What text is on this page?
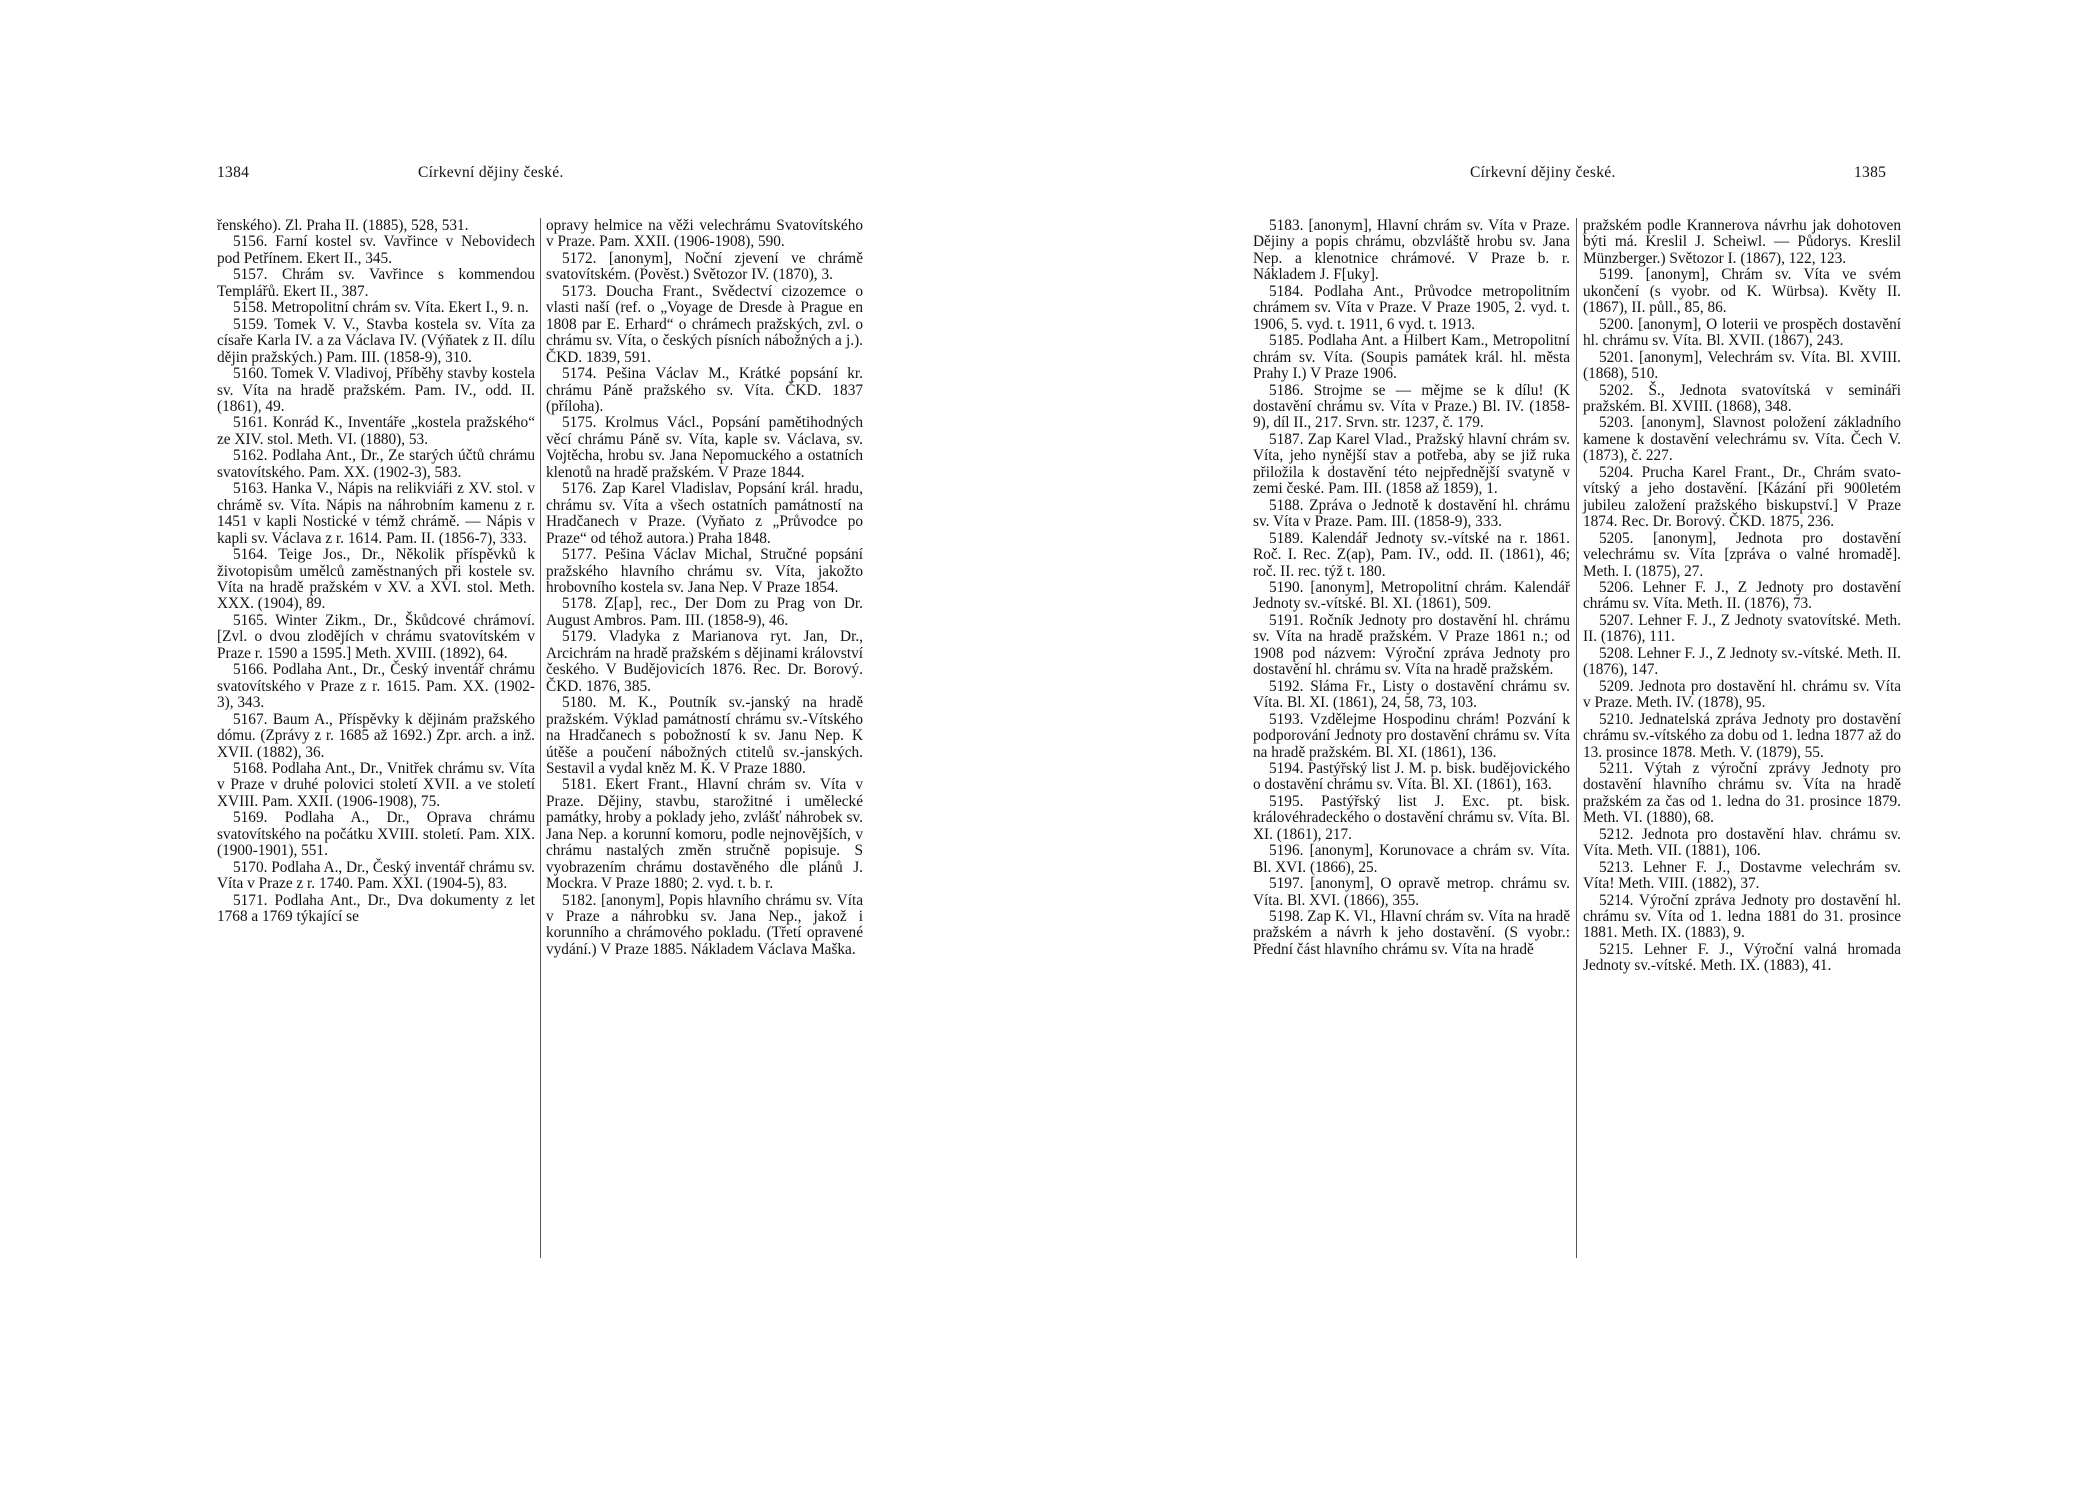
1384	Církevní dějiny české.

řenského). Zl. Praha II. (1885), 528, 531.

5156. Farní kostel sv. Vavřince v Nebovidech pod Petřínem. Ekert II., 345.

5157. Chrám sv. Vavřince s kommendou Templářů. Ekert II., 387.

5158. Metropolitní chrám sv. Víta. Ekert I., 9. n.

5159. Tomek V. V., Stavba kostela sv. Víta za císaře Karla IV. a za Václava IV. (Výňatek z II. dílu dějin pražských.) Pam. III. (1858-9), 310.

5160. Tomek V. Vladivoj, Příběhy stavby kostela sv. Víta na hradě pražském. Pam. IV., odd. II. (1861), 49.

5161. Konrád K., Inventáře „kostela pražského“ ze XIV. stol. Meth. VI. (1880), 53.

5162. Podlaha Ant., Dr., Ze starých účtů chrámu svatovítského. Pam. XX. (1902-3), 583.

5163. Hanka V., Nápis na relikviáři z XV. stol. v chrámě sv. Víta. Nápis na náhrobním kamenu z r. 1451 v kapli Nostické v témž chrámě. — Nápis v kapli sv. Václava z r. 1614. Pam. II. (1856-7), 333.

5164. Teige Jos., Dr., Několik příspěvků k životopisům umělců zaměstnaných při kostele sv. Víta na hradě pražském v XV. a XVI. stol. Meth. XXX. (1904), 89.

5165. Winter Zikm., Dr., Škůdcové chrámoví. [Zvl. o dvou zlodějích v chrámu svatovítském v Praze r. 1590 a 1595.] Meth. XVIII. (1892), 64.

5166. Podlaha Ant., Dr., Český inventář chrámu svatovítského v Praze z r. 1615. Pam. XX. (1902-3), 343.

5167. Baum A., Příspěvky k dějinám pražského dómu. (Zprávy z r. 1685 až 1692.) Zpr. arch. a inž. XVII. (1882), 36.

5168. Podlaha Ant., Dr., Vnitřek chrámu sv. Víta v Praze v druhé polovici století XVII. a ve století XVIII. Pam. XXII. (1906-1908), 75.

5169. Podlaha A., Dr., Oprava chrámu svatovítského na počátku XVIII. století. Pam. XIX. (1900-1901), 551.

5170. Podlaha A., Dr., Český inventář chrámu sv. Víta v Praze z r. 1740. Pam. XXI. (1904-5), 83.

5171. Podlaha Ant., Dr., Dva dokumenty z let 1768 a 1769 týkající se

opravy helmice na věži velechrámu Svatovítského v Praze. Pam. XXII. (1906-1908), 590.

5172. [anonym], Noční zjevení ve chrámě svatovítském. (Pověst.) Světozor IV. (1870), 3.

5173. Doucha Frant., Svědectví cizozemce o vlasti naší (ref. o „Voyage de Dresde à Prague en 1808 par E. Erhard“ o chrámech pražských, zvl. o chrámu sv. Víta, o českých písních nábožných a j.). ČKD. 1839, 591.

5174. Pešina Václav M., Krátké popsání kr. chrámu Páně pražského sv. Víta. ČKD. 1837 (příloha).

5175. Krolmus Václ., Popsání pamětihodných věcí chrámu Páně sv. Víta, kaple sv. Václava, sv. Vojtěcha, hrobu sv. Jana Nepomuckého a ostatních klenotů na hradě pražském. V Praze 1844.

5176. Zap Karel Vladislav, Popsání král. hradu, chrámu sv. Víta a všech ostatních památností na Hradčanech v Praze. (Vyňato z „Průvodce po Praze“ od téhož autora.) Praha 1848.

5177. Pešina Václav Michal, Stručné popsání pražského hlavního chrámu sv. Víta, jakožto hrobovního kostela sv. Jana Nep. V Praze 1854.

5178. Z[ap], rec., Der Dom zu Prag von Dr. August Ambros. Pam. III. (1858-9), 46.

5179. Vladyka z Marianova ryt. Jan, Dr., Arcichrám na hradě pražském s dějinami království českého. V Budějovicích 1876. Rec. Dr. Borový. ČKD. 1876, 385.

5180. M. K., Poutník sv.-janský na hradě pražském. Výklad památností chrámu sv.-Vítského na Hradčanech s pobožností k sv. Janu Nep. K útěše a poučení nábožných ctitelů sv.-janských. Sestavil a vydal kněz M. K. V Praze 1880.

5181. Ekert Frant., Hlavní chrám sv. Víta v Praze. Dějiny, stavbu, starožitné i umělecké památky, hroby a poklady jeho, zvlášť náhrobek sv. Jana Nep. a korunní komoru, podle nejnovějších, v chrámu nastalých změn stručně popisuje. S vyobrazením chrámu dostavěného dle plánů J. Mockra. V Praze 1880; 2. vyd. t. b. r.

5182. [anonym], Popis hlavního chrámu sv. Víta v Praze a náhrobku sv. Jana Nep., jakož i korunního a chrámového pokladu. (Třetí opravené vydání.) V Praze 1885. Nákladem Václava Maška.

Církevní dějiny české.	1385

5183. [anonym], Hlavní chrám sv. Víta v Praze. Dějiny a popis chrámu, obzvláště hrobu sv. Jana Nep. a klenotnice chrámové. V Praze b. r. Nákladem J. F[uky].

5184. Podlaha Ant., Průvodce metropolitním chrámem sv. Víta v Praze. V Praze 1905, 2. vyd. t. 1906, 5. vyd. t. 1911, 6 vyd. t. 1913.

5185. Podlaha Ant. a Hilbert Kam., Metropolitní chrám sv. Víta. (Soupis památek král. hl. města Prahy I.) V Praze 1906.

5186. Strojme se — mějme se k dílu! (K dostavění chrámu sv. Víta v Praze.) Bl. IV. (1858-9), díl II., 217. Srvn. str. 1237, č. 179.

5187. Zap Karel Vlad., Pražský hlavní chrám sv. Víta, jeho nynější stav a potřeba, aby se již ruka přiložila k dostavění této nejpřednější svatyně v zemi české. Pam. III. (1858 až 1859), 1.

5188. Zpráva o Jednotě k dostavění hl. chrámu sv. Víta v Praze. Pam. III. (1858-9), 333.

5189. Kalendář Jednoty sv.-vítské na r. 1861. Roč. I. Rec. Z(ap), Pam. IV., odd. II. (1861), 46; roč. II. rec. týž t. 180.

5190. [anonym], Metropolitní chrám. Kalendář Jednoty sv.-vítské. Bl. XI. (1861), 509.

5191. Ročník Jednoty pro dostavění hl. chrámu sv. Víta na hradě pražském. V Praze 1861 n.; od 1908 pod názvem: Výroční zpráva Jednoty pro dostavění hl. chrámu sv. Víta na hradě pražském.

5192. Sláma Fr., Listy o dostavění chrámu sv. Víta. Bl. XI. (1861), 24, 58, 73, 103.

5193. Vzdělejme Hospodinu chrám! Pozvání k podporování Jednoty pro dostavění chrámu sv. Víta na hradě pražském. Bl. XI. (1861), 136.

5194. Pastýřský list J. M. p. bisk. budějovického o dostavění chrámu sv. Víta. Bl. XI. (1861), 163.

5195. Pastýřský list J. Exc. pt. bisk. královéhradeckého o dostavění chrámu sv. Víta. Bl. XI. (1861), 217.

5196. [anonym], Korunovace a chrám sv. Víta. Bl. XVI. (1866), 25.

5197. [anonym], O opravě metrop. chrámu sv. Víta. Bl. XVI. (1866), 355.

5198. Zap K. Vl., Hlavní chrám sv. Víta na hradě pražském a návrh k jeho dostavění. (S vyobr.: Přední část hlavního chrámu sv. Víta na hradě

pražském podle Krannerova návrhu jak dohotoven býti má. Kreslil J. Scheiwl. — Půdorys. Kreslil Münzberger.) Světozor I. (1867), 122, 123.

5199. [anonym], Chrám sv. Víta ve svém ukončení (s vyobr. od K. Würbsa). Květy II. (1867), II. půll., 85, 86.

5200. [anonym], O loterii ve prospěch dostavění hl. chrámu sv. Víta. Bl. XVII. (1867), 243.

5201. [anonym], Velechrám sv. Víta. Bl. XVIII. (1868), 510.

5202. Š., Jednota svatovítská v semináři pražském. Bl. XVIII. (1868), 348.

5203. [anonym], Slavnost položení základního kamene k dostavění velechrámu sv. Víta. Čech V. (1873), č. 227.

5204. Prucha Karel Frant., Dr., Chrám svato-vítský a jeho dostavění. [Kázání při 900letém jubileu založení pražského biskupství.] V Praze 1874. Rec. Dr. Borový. ČKD. 1875, 236.

5205. [anonym], Jednota pro dostavění velechrámu sv. Víta [zpráva o valné hromadě]. Meth. I. (1875), 27.

5206. Lehner F. J., Z Jednoty pro dostavění chrámu sv. Víta. Meth. II. (1876), 73.

5207. Lehner F. J., Z Jednoty svatovítské. Meth. II. (1876), 111.

5208. Lehner F. J., Z Jednoty sv.-vítské. Meth. II. (1876), 147.

5209. Jednota pro dostavění hl. chrámu sv. Víta v Praze. Meth. IV. (1878), 95.

5210. Jednatelská zpráva Jednoty pro dostavění chrámu sv.-vítského za dobu od 1. ledna 1877 až do 13. prosince 1878. Meth. V. (1879), 55.

5211. Výtah z výroční zprávy Jednoty pro dostavění hlavního chrámu sv. Víta na hradě pražském za čas od 1. ledna do 31. prosince 1879. Meth. VI. (1880), 68.

5212. Jednota pro dostavění hlav. chrámu sv. Víta. Meth. VII. (1881), 106.

5213. Lehner F. J., Dostavme velechrám sv. Víta! Meth. VIII. (1882), 37.

5214. Výroční zpráva Jednoty pro dostavění hl. chrámu sv. Víta od 1. ledna 1881 do 31. prosince 1881. Meth. IX. (1883), 9.

5215. Lehner F. J., Výroční valná hromada Jednoty sv.-vítské. Meth. IX. (1883), 41.
